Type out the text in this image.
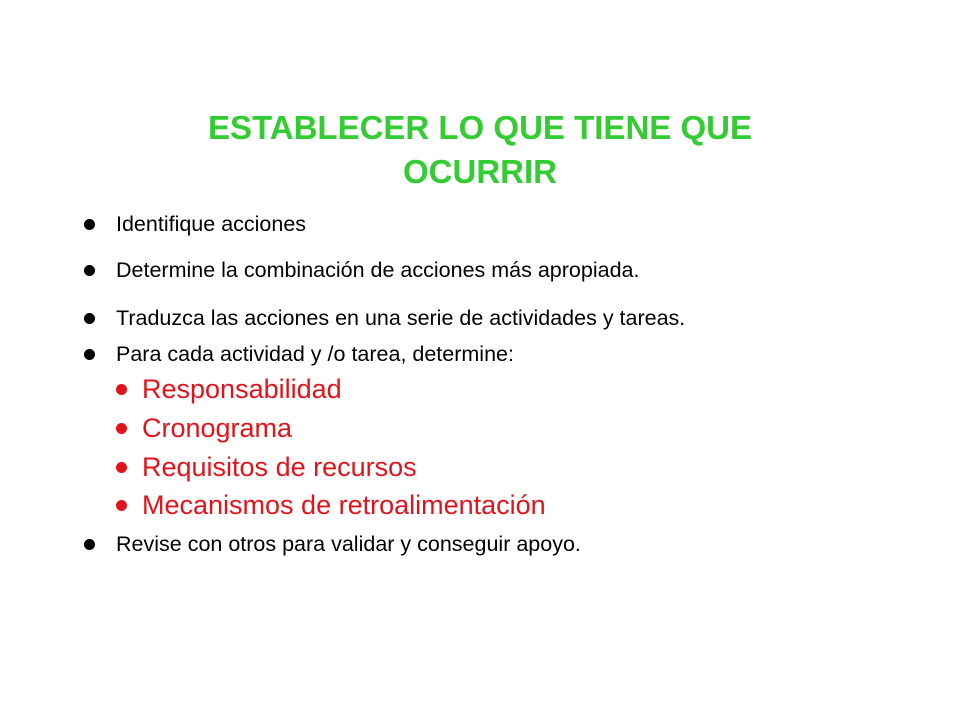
ESTABLECER LO QUE TIENE QUE
OCURRIR
Identifique acciones
Determine la combinación de acciones más apropiada.
Traduzca las acciones en una serie de actividades y tareas.
Para cada actividad y /o tarea, determine:
Responsabilidad
Cronograma
Requisitos de recursos
Mecanismos de retroalimentación
Revise con otros para validar y conseguir apoyo.
